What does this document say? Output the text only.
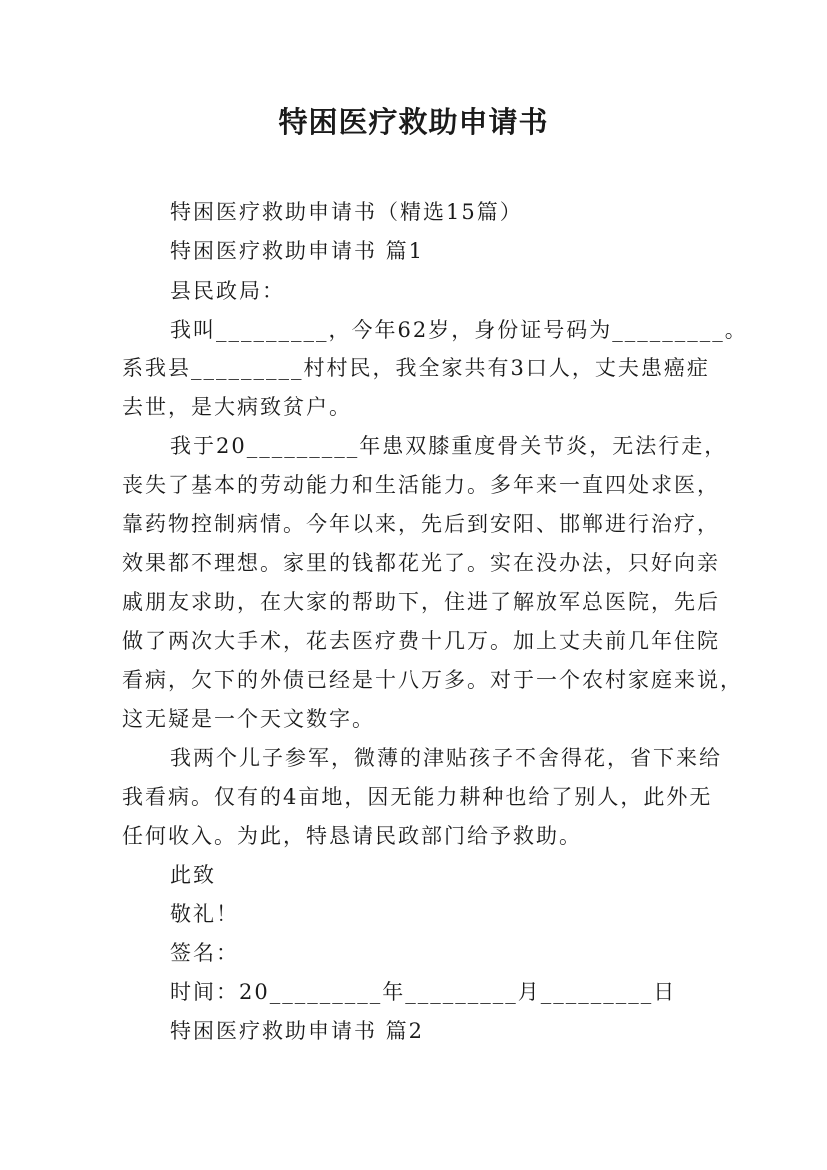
特困医疗救助申请书
特困医疗救助申请书（精选15篇）
特困医疗救助申请书 篇1
县民政局：
我叫_________，今年62岁，身份证号码为_________。
系我县_________村村民，我全家共有3口人，丈夫患癌症
去世，是大病致贫户。
我于20_________年患双膝重度骨关节炎，无法行走，
丧失了基本的劳动能力和生活能力。多年来一直四处求医，
靠药物控制病情。今年以来，先后到安阳、邯郸进行治疗，
效果都不理想。家里的钱都花光了。实在没办法，只好向亲
戚朋友求助，在大家的帮助下，住进了解放军总医院，先后
做了两次大手术，花去医疗费十几万。加上丈夫前几年住院
看病，欠下的外债已经是十八万多。对于一个农村家庭来说，
这无疑是一个天文数字。
我两个儿子参军，微薄的津贴孩子不舍得花，省下来给
我看病。仅有的4亩地，因无能力耕种也给了别人，此外无
任何收入。为此，特恳请民政部门给予救助。
此致
敬礼！
签名：
时间：20_________年_________月_________日
特困医疗救助申请书 篇2
